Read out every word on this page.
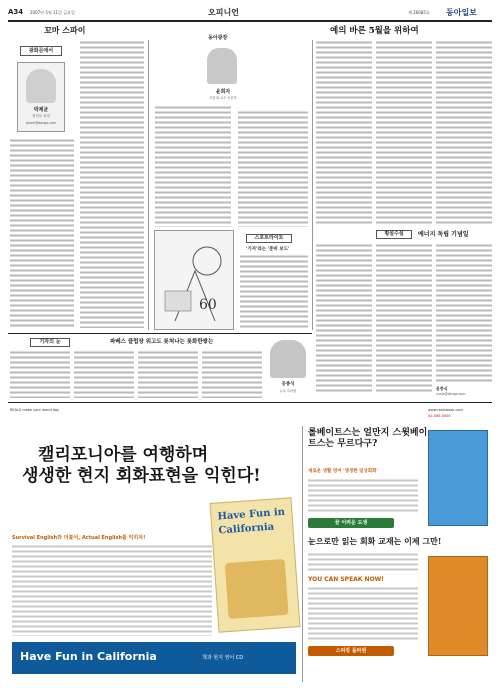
A34 2007년 5월 11일 금요일	오피니언	제 26685호 동아일보
꼬마 스파이
광화문에서
박제균
정치부 차장
phark@donga.com
동아광장
윤희자
서울대 교수·독문학
예의 바른 5월을 위하여
60
스포트라이트
'기자'라는 '준비 보드'
횡설수설	에너지 독립 기념일
윤종식
yunjs@donga.com
기자의 눈	파베스 클럽장 위고도 롯쳐나는 롯화한쌓는
공종식
뉴욕 특파원
REALS make your world day	www.realsbook.com
02-000-0000
캘리포니아를 여행하며
생생한 현지 회화표현을 익힌다!
Survival English와 더불어, Actual English를 익히자!
Have Fun in
California
Have Fun in California	책과 현지 영어 CD
롤베이트스는 얼만지 스윗베이트스는 무르다구?
새로운 생활 영어 '생생한 일상회화'
꿀 어려운 도생
눈으로만 읽는 회화 교재는 이제 그만!
YOU CAN SPEAK NOW!
스피킹 돌파원
